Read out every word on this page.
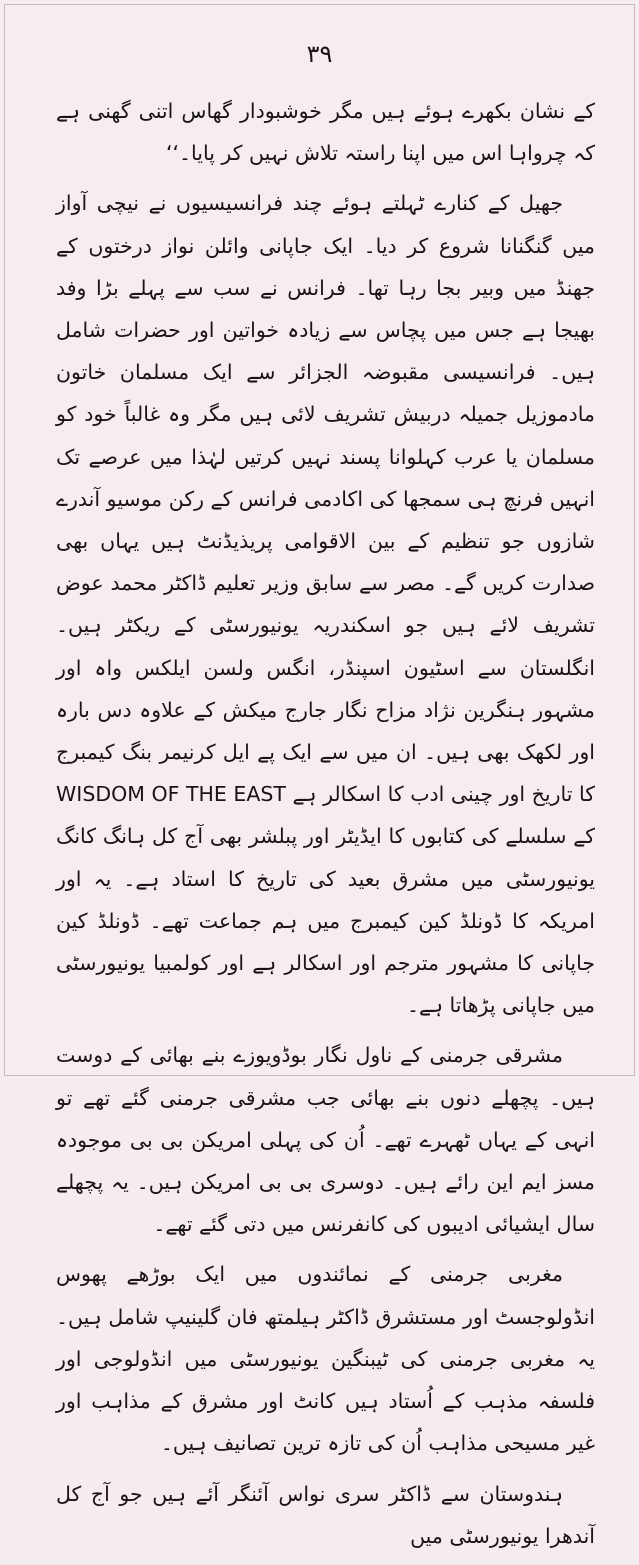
۳۹

کے نشان بکھرے ہوئے ہیں مگر خوشبودار گھاس اتنی گھنی ہے کہ چرواہا اس میں اپنا راستہ تلاش نہیں کر پایا۔‘‘

جھیل کے کنارے ٹہلتے ہوئے چند فرانسیسیوں نے نیچی آواز میں گنگنانا شروع کر دیا۔ ایک جاپانی وائلن نواز درختوں کے جھنڈ میں وبیر بجا رہا تھا۔ فرانس نے سب سے پہلے بڑا وفد بھیجا ہے جس میں پچاس سے زیادہ خواتین اور حضرات شامل ہیں۔ فرانسیسی مقبوضہ الجزائر سے ایک مسلمان خاتون مادموزیل جمیلہ دربیش تشریف لائی ہیں مگر وہ غالباً خود کو مسلمان یا عرب کہلوانا پسند نہیں کرتیں لہٰذا میں عرصے تک انہیں فرنچ ہی سمجھا کی اکادمی فرانس کے رکن موسیو آندرے شازوں جو تنظیم کے بین الاقوامی پریذیڈنٹ ہیں یہاں بھی صدارت کریں گے۔ مصر سے سابق وزیر تعلیم ڈاکٹر محمد عوض تشریف لائے ہیں جو اسکندریہ یونیورسٹی کے ریکٹر ہیں۔ انگلستان سے اسٹیون اسپنڈر، انگس ولسن ایلکس واہ اور مشہور ہنگرین نژاد مزاح نگار جارج میکش کے علاوہ دس بارہ اور لکھک بھی ہیں۔ ان میں سے ایک پے ایل کرنیمر بنگ کیمبرج کا تاریخ اور چینی ادب کا اسکالر ہے WISDOM OF THE EAST کے سلسلے کی کتابوں کا ایڈیٹر اور پبلشر بھی آج کل ہانگ کانگ یونیورسٹی میں مشرق بعید کی تاریخ کا استاد ہے۔ یہ اور امریکہ کا ڈونلڈ کین کیمبرج میں ہم جماعت تھے۔ ڈونلڈ کین جاپانی کا مشہور مترجم اور اسکالر ہے اور کولمبیا یونیورسٹی میں جاپانی پڑھاتا ہے۔

مشرقی جرمنی کے ناول نگار بوڈویوزے بنے بھائی کے دوست ہیں۔ پچھلے دنوں بنے بھائی جب مشرقی جرمنی گئے تھے تو انہی کے یہاں ٹھہرے تھے۔ اُن کی پہلی امریکن بی بی موجودہ مسز ایم این رائے ہیں۔ دوسری بی بی امریکن ہیں۔ یہ پچھلے سال ایشیائی ادیبوں کی کانفرنس میں دتی گئے تھے۔

مغربی جرمنی کے نمائندوں میں ایک بوڑھے پھوس انڈولوجسٹ اور مستشرق ڈاکٹر ہیلمتھ فان گلینیپ شامل ہیں۔ یہ مغربی جرمنی کی ٹیبنگین یونیورسٹی میں انڈولوجی اور فلسفہ مذہب کے اُستاد ہیں کانٹ اور مشرق کے مذاہب اور غیر مسیحی مذاہب اُن کی تازہ ترین تصانیف ہیں۔

ہندوستان سے ڈاکٹر سری نواس آئنگر آئے ہیں جو آج کل آندھرا یونیورسٹی میں
